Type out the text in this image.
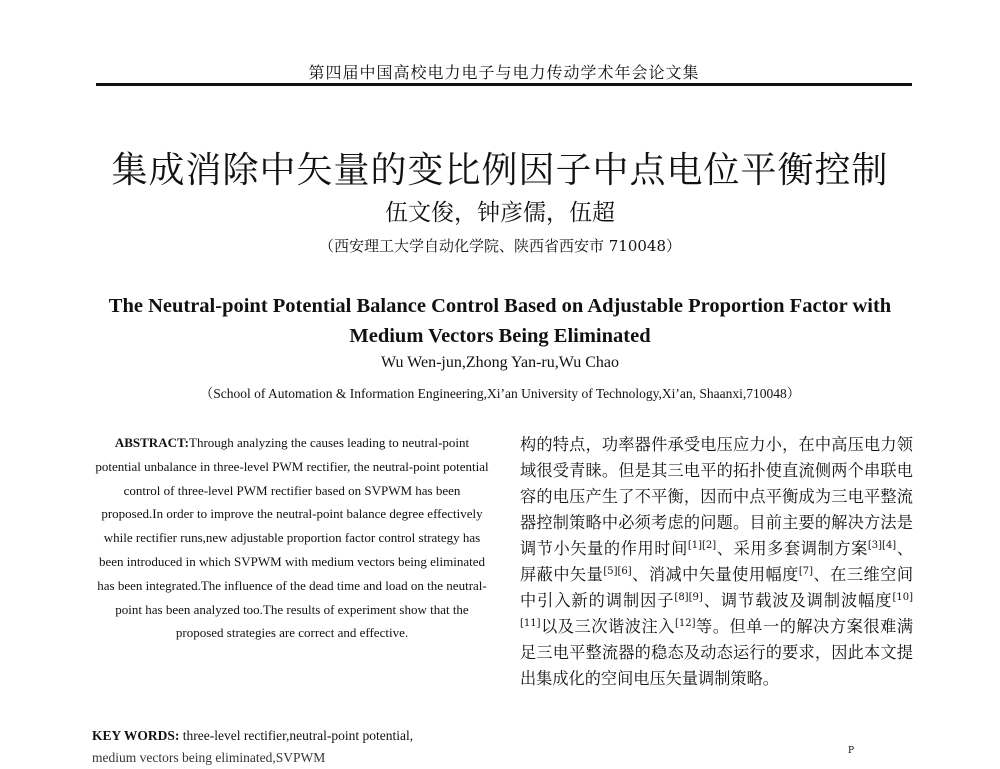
第四届中国高校电力电子与电力传动学术年会论文集
集成消除中矢量的变比例因子中点电位平衡控制
伍文俊，钟彦儒，伍超
（西安理工大学自动化学院、陕西省西安市 710048）
The Neutral-point Potential Balance Control Based on Adjustable Proportion Factor with
Medium Vectors Being Eliminated
Wu Wen-jun,Zhong Yan-ru,Wu Chao
（School of Automation & Information Engineering,Xi’an University of Technology,Xi’an, Shaanxi,710048）
ABSTRACT:Through analyzing the causes leading to neutral-point potential unbalance in three-level PWM rectifier, the neutral-point potential control of three-level PWM rectifier based on SVPWM has been proposed.In order to improve the neutral-point balance degree effectively while rectifier runs,new adjustable proportion factor control strategy has been introduced in which SVPWM with medium vectors being eliminated has been integrated.The influence of the dead time and load on the neutral-point has been analyzed too.The results of experiment show that the proposed strategies are correct and effective.
KEY WORDS: three-level rectifier,neutral-point potential,
medium vectors being eliminated,SVPWM
构的特点，功率器件承受电压应力小，在中高压电力领域很受青睐。但是其三电平的拓扑使直流侧两个串联电容的电压产生了不平衡，因而中点平衡成为三电平整流器控制策略中必须考虑的问题。目前主要的解决方法是调节小矢量的作用时间[1][2]、采用多套调制方案[3][4]、屏蔽中矢量[5][6]、消减中矢量使用幅度[7]、在三维空间中引入新的调制因子[8][9]、调节载波及调制波幅度[10][11]以及三次谐波注入[12]等。但单一的解决方案很难满足三电平整流器的稳态及动态运行的要求，因此本文提出集成化的空间电压矢量调制策略。
P
